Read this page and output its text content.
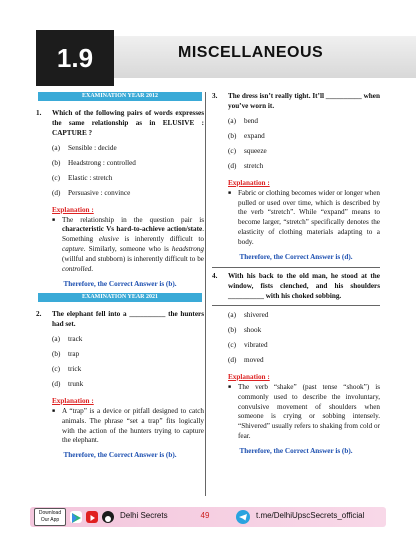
1.9	MISCELLANEOUS
EXAMINATION YEAR 2012
1.	Which of the following pairs of words expresses the same relationship as in ELUSIVE : CAPTURE ?
(a)	Sensible : decide
(b)	Headstrong : controlled
(c)	Elastic : stretch
(d)	Persuasive : convince
Explanation :
■ The relationship in the question pair is characteristic Vs hard-to-achieve action/state. Something elusive is inherently difficult to capture. Similarly, someone who is headstrong (willful and stubborn) is inherently difficult to be controlled.
Therefore, the Correct Answer is (b).
EXAMINATION YEAR 2021
2.	The elephant fell into a __________ the hunters had set.
(a)	track
(b)	trap
(c)	trick
(d)	trunk
Explanation :
■ A “trap” is a device or pitfall designed to catch animals. The phrase “set a trap” fits logically with the action of the hunters trying to capture the elephant.
Therefore, the Correct Answer is (b).
3.	The dress isn’t really tight. It’ll __________ when you’ve worn it.
(a)	bend
(b)	expand
(c)	squeeze
(d)	stretch
Explanation :
■ Fabric or clothing becomes wider or longer when pulled or used over time, which is described by the verb “stretch”. While “expand” means to become larger, “stretch” specifically denotes the elasticity of clothing materials adapting to a body.
Therefore, the Correct Answer is (d).
4.	With his back to the old man, he stood at the window, fists clenched, and his shoulders __________ with his choked sobbing.
(a)	shivered
(b)	shook
(c)	vibrated
(d)	moved
Explanation :
■ The verb “shake” (past tense “shook”) is commonly used to describe the involuntary, convulsive movement of shoulders when someone is crying or sobbing intensely. “Shivered” usually refers to shaking from cold or fear.
Therefore, the Correct Answer is (b).
Download
Our App	Delhi Secrets	49	t.me/DelhiUpscSecrets_official
